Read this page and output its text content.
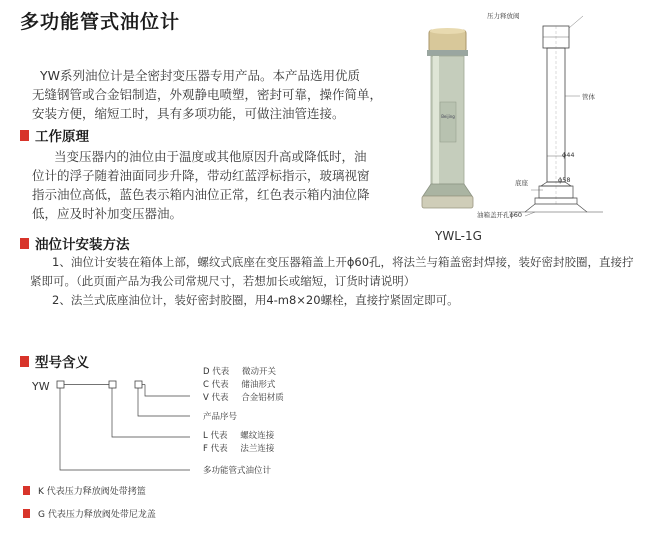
多功能管式油位计

YW系列油位计是全密封变压器专用产品。本产品选用优质

无缝钢管或合金铝制造，外观静电喷塑，密封可靠，操作简单，

安装方便，缩短工时，具有多项功能，可做注油管连接。

工作原理
当变压器内的油位由于温度或其他原因升高或降低时，油
位计的浮子随着油面同步升降，带动红蓝浮标指示，玻璃视窗
指示油位高低，蓝色表示箱内油位正常，红色表示箱内油位降
低，应及时补加变压器油。
油位计安装方法
1、油位计安装在箱体上部，螺纹式底座在变压器箱盖上开ϕ60孔，将法兰与箱盖密封焊接，装好密封胶圈，直接拧
紧即可。（此页面产品为我公司常规尺寸，若想加长或缩短，订货时请说明）
2、法兰式底座油位计，装好密封胶圈，用4-m8×20螺栓，直接拧紧固定即可。
Beijing
YWL-1G
压力释放阀
管体
ϕ44
底座	ϕ58
油箱盖开孔ϕ60
型号含义
YW
D 代表   微动开关
C 代表   储油形式
V 代表   合金铝材质
产品序号
L 代表   螺纹连接
F 代表   法兰连接
多功能管式油位计
K 代表压力释放阀处带拷篮
G 代表压力释放阀处带尼龙盖
